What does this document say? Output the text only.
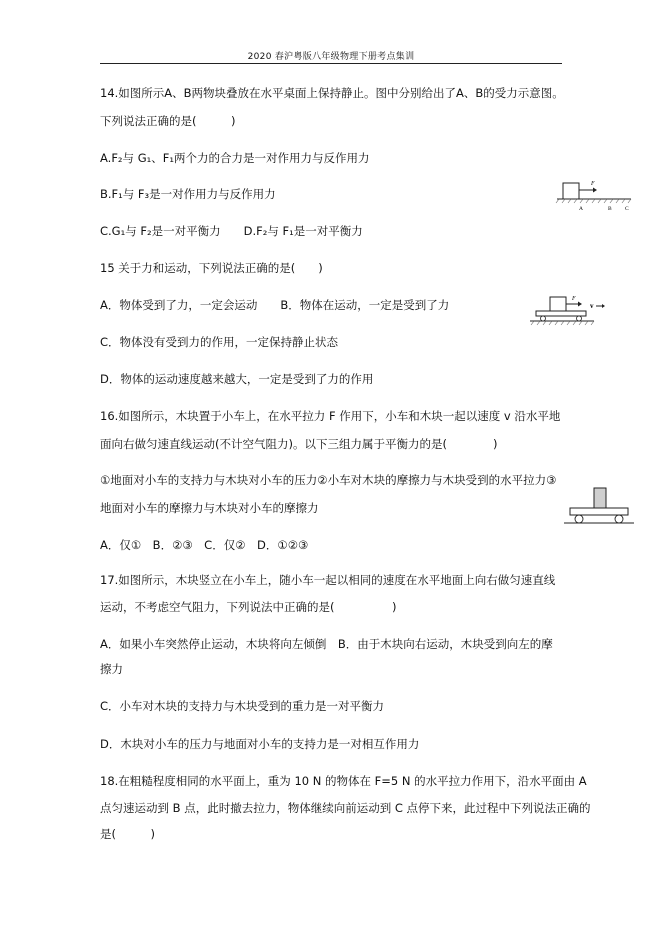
2020 春沪粤版八年级物理下册考点集训
14.如图所示A、B两物块叠放在水平桌面上保持静止。图中分别给出了A、B的受力示意图。
下列说法正确的是(　　　)
A.F₂与 G₁、F₁两个力的合力是一对作用力与反作用力
B.F₁与 F₃是一对作用力与反作用力
C.G₁与 F₂是一对平衡力　　D.F₂与 F₁是一对平衡力
F
A	B C
15 关于力和运动，下列说法正确的是(　　)
A．物体受到了力，一定会运动　　B．物体在运动，一定是受到了力
C．物体没有受到力的作用，一定保持静止状态
D．物体的运动速度越来越大，一定是受到了力的作用
F
v
16.如图所示，木块置于小车上，在水平拉力 F 作用下，小车和木块一起以速度 v 沿水平地
面向右做匀速直线运动(不计空气阻力)。以下三组力属于平衡力的是(　　　　)
①地面对小车的支持力与木块对小车的压力②小车对木块的摩擦力与木块受到的水平拉力③
地面对小车的摩擦力与木块对小车的摩擦力
A．仅①　B．②③　C．仅②　D．①②③
17.如图所示，木块竖立在小车上，随小车一起以相同的速度在水平地面上向右做匀速直线
运动，不考虑空气阻力，下列说法中正确的是(　　　　　)
A．如果小车突然停止运动，木块将向左倾倒　B．由于木块向右运动，木块受到向左的摩
擦力
C．小车对木块的支持力与木块受到的重力是一对平衡力
D．木块对小车的压力与地面对小车的支持力是一对相互作用力
18.在粗糙程度相同的水平面上，重为 10 N 的物体在 F=5 N 的水平拉力作用下，沿水平面由 A
点匀速运动到 B 点，此时撤去拉力，物体继续向前运动到 C 点停下来，此过程中下列说法正确的
是(　　　)
